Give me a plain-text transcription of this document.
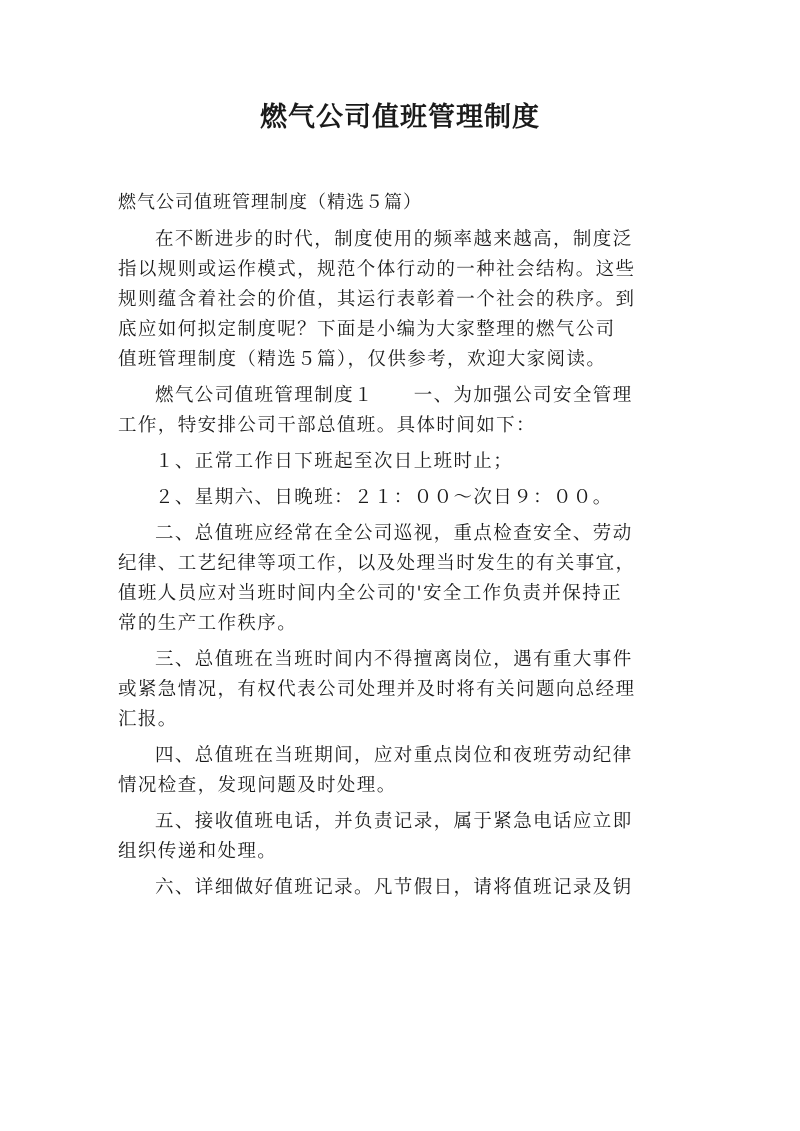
燃气公司值班管理制度

燃气公司值班管理制度（精选５篇）

在不断进步的时代，制度使用的频率越来越高，制度泛
指以规则或运作模式，规范个体行动的一种社会结构。这些
规则蕴含着社会的价值，其运行表彰着一个社会的秩序。到
底应如何拟定制度呢？下面是小编为大家整理的燃气公司
值班管理制度（精选５篇），仅供参考，欢迎大家阅读。

燃气公司值班管理制度１　　一、为加强公司安全管理
工作，特安排公司干部总值班。具体时间如下：

１、正常工作日下班起至次日上班时止；

２、星期六、日晚班：２１：００～次日９：００。

二、总值班应经常在全公司巡视，重点检查安全、劳动
纪律、工艺纪律等项工作，以及处理当时发生的有关事宜，
值班人员应对当班时间内全公司的'安全工作负责并保持正
常的生产工作秩序。

三、总值班在当班时间内不得擅离岗位，遇有重大事件
或紧急情况，有权代表公司处理并及时将有关问题向总经理
汇报。

四、总值班在当班期间，应对重点岗位和夜班劳动纪律
情况检查，发现问题及时处理。

五、接收值班电话，并负责记录，属于紧急电话应立即
组织传递和处理。

六、详细做好值班记录。凡节假日，请将值班记录及钥
